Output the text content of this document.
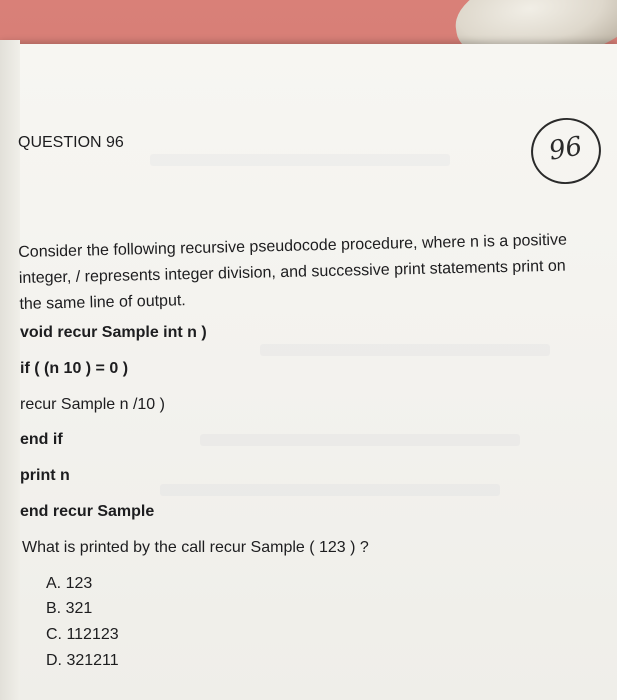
QUESTION 96	96
Consider the following recursive pseudocode procedure, where n is a positive integer, / represents integer division, and successive print statements print on the same line of output.
void recur Sample int n )
if ( (n 10 ) = 0 )
recur Sample n /10 )
end if
print n
end recur Sample
What is printed by the call recur Sample ( 123 ) ?
A. 123
B. 321
C. 112123
D. 321211
